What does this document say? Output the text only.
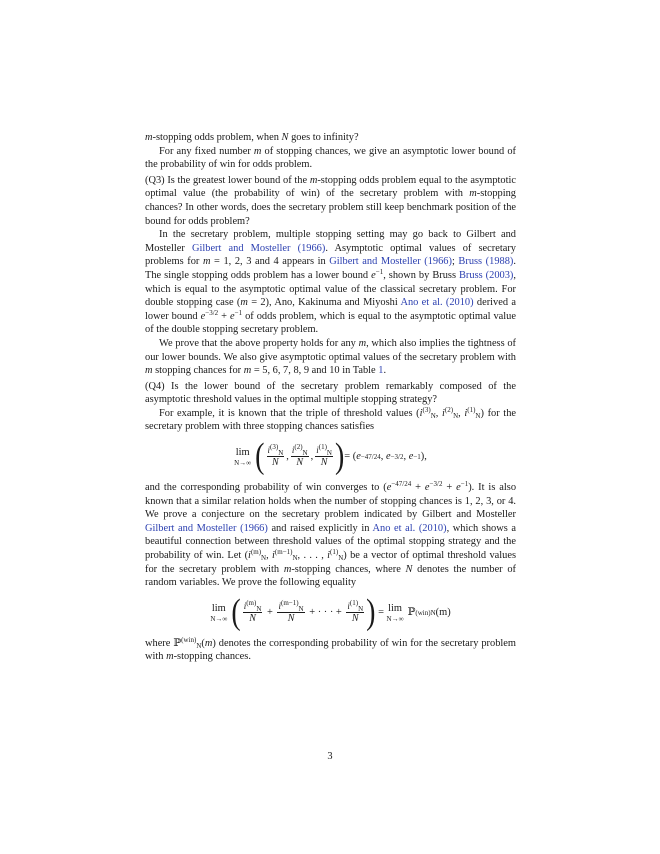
m-stopping odds problem, when N goes to infinity?

For any fixed number m of stopping chances, we give an asymptotic lower bound of the probability of win for odds problem.

(Q3) Is the greatest lower bound of the m-stopping odds problem equal to the asymptotic optimal value (the probability of win) of the secretary problem with m-stopping chances? In other words, does the secretary problem still keep benchmark position of the bound for odds problem?

In the secretary problem, multiple stopping setting may go back to Gilbert and Mosteller Gilbert and Mosteller (1966). Asymptotic optimal values of secretary problems for m = 1, 2, 3 and 4 appears in Gilbert and Mosteller (1966); Bruss (1988). The single stopping odds problem has a lower bound $e^{-1}$, shown by Bruss Bruss (2003), which is equal to the asymptotic optimal value of the classical secretary problem. For double stopping case (m = 2), Ano, Kakinuma and Miyoshi Ano et al. (2010) derived a lower bound $e^{-3/2} + e^{-1}$ of odds problem, which is equal to the asymptotic optimal value of the double stopping secretary problem.

We prove that the above property holds for any m, which also implies the tightness of our lower bounds. We also give asymptotic optimal values of the secretary problem with m stopping chances for m = 5, 6, 7, 8, 9 and 10 in Table 1.

(Q4) Is the lower bound of the secretary problem remarkably composed of the asymptotic threshold values in the optimal multiple stopping strategy?

For example, it is known that the triple of threshold values ($i^{(3)}_N$, $i^{(2)}_N$, $i^{(1)}_N$) for the secretary problem with three stopping chances satisfies

lim
N→∞ ( $\frac{i^{(3)}_N}{N}$ , $\frac{i^{(2)}_N}{N}$ , $\frac{i^{(1)}_N}{N}$ ) = ( e −47/24 ,
e −3/2 ,
e −1 ),

and the corresponding probability of win converges to $(e^{-47/24} + e^{-3/2} + e^{-1})$. It is also known that a similar relation holds when the number of stopping chances is 1, 2, 3, or 4. We prove a conjecture on the secretary problem indicated by Gilbert and Mosteller Gilbert and Mosteller (1966) and raised explicitly in Ano et al. (2010), which shows a beautiful connection between threshold values of the optimal stopping strategy and the probability of win. Let ($i^{(m)}_N$, $i^{(m-1)}_N$, . . . , $i^{(1)}_N$) be a vector of optimal threshold values for the secretary problem with m-stopping chances, where N denotes the number of random variables. We prove the following equality

lim
N→∞ ( $\frac{i^{(m)}_N}{N}$
+
$\frac{i^{(m-1)}_N}{N}$
+
· · ·
+
$\frac{i^{(1)}_N}{N}$ )
=
lim
N→∞
ℙ (win) N (m)

where ℙ$^{(win)}_N$(m) denotes the corresponding probability of win for the secretary problem with m-stopping chances.

3
